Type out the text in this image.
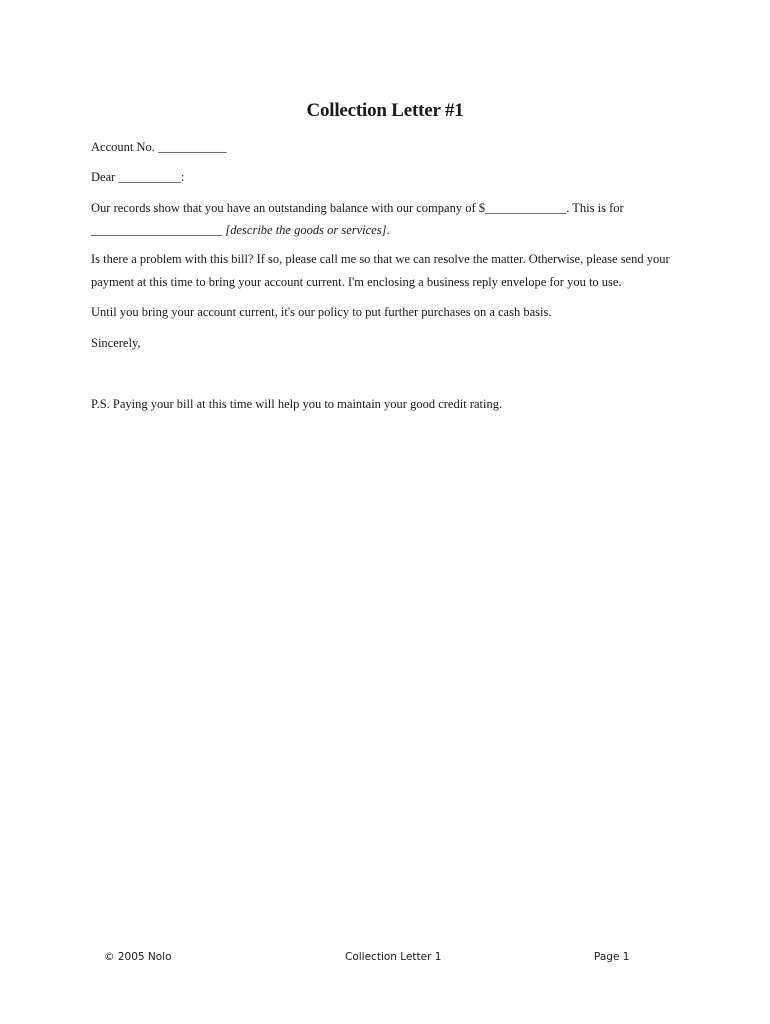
Collection Letter #1
Account No. ___________
Dear __________:
Our records show that you have an outstanding balance with our company of $_____________. This is for
_____________________ [describe the goods or services].
Is there a problem with this bill? If so, please call me so that we can resolve the matter. Otherwise, please send your
payment at this time to bring your account current. I'm enclosing a business reply envelope for you to use.
Until you bring your account current, it's our policy to put further purchases on a cash basis.
Sincerely,
P.S. Paying your bill at this time will help you to maintain your good credit rating.
© 2005 Nolo	Collection Letter 1	Page 1
